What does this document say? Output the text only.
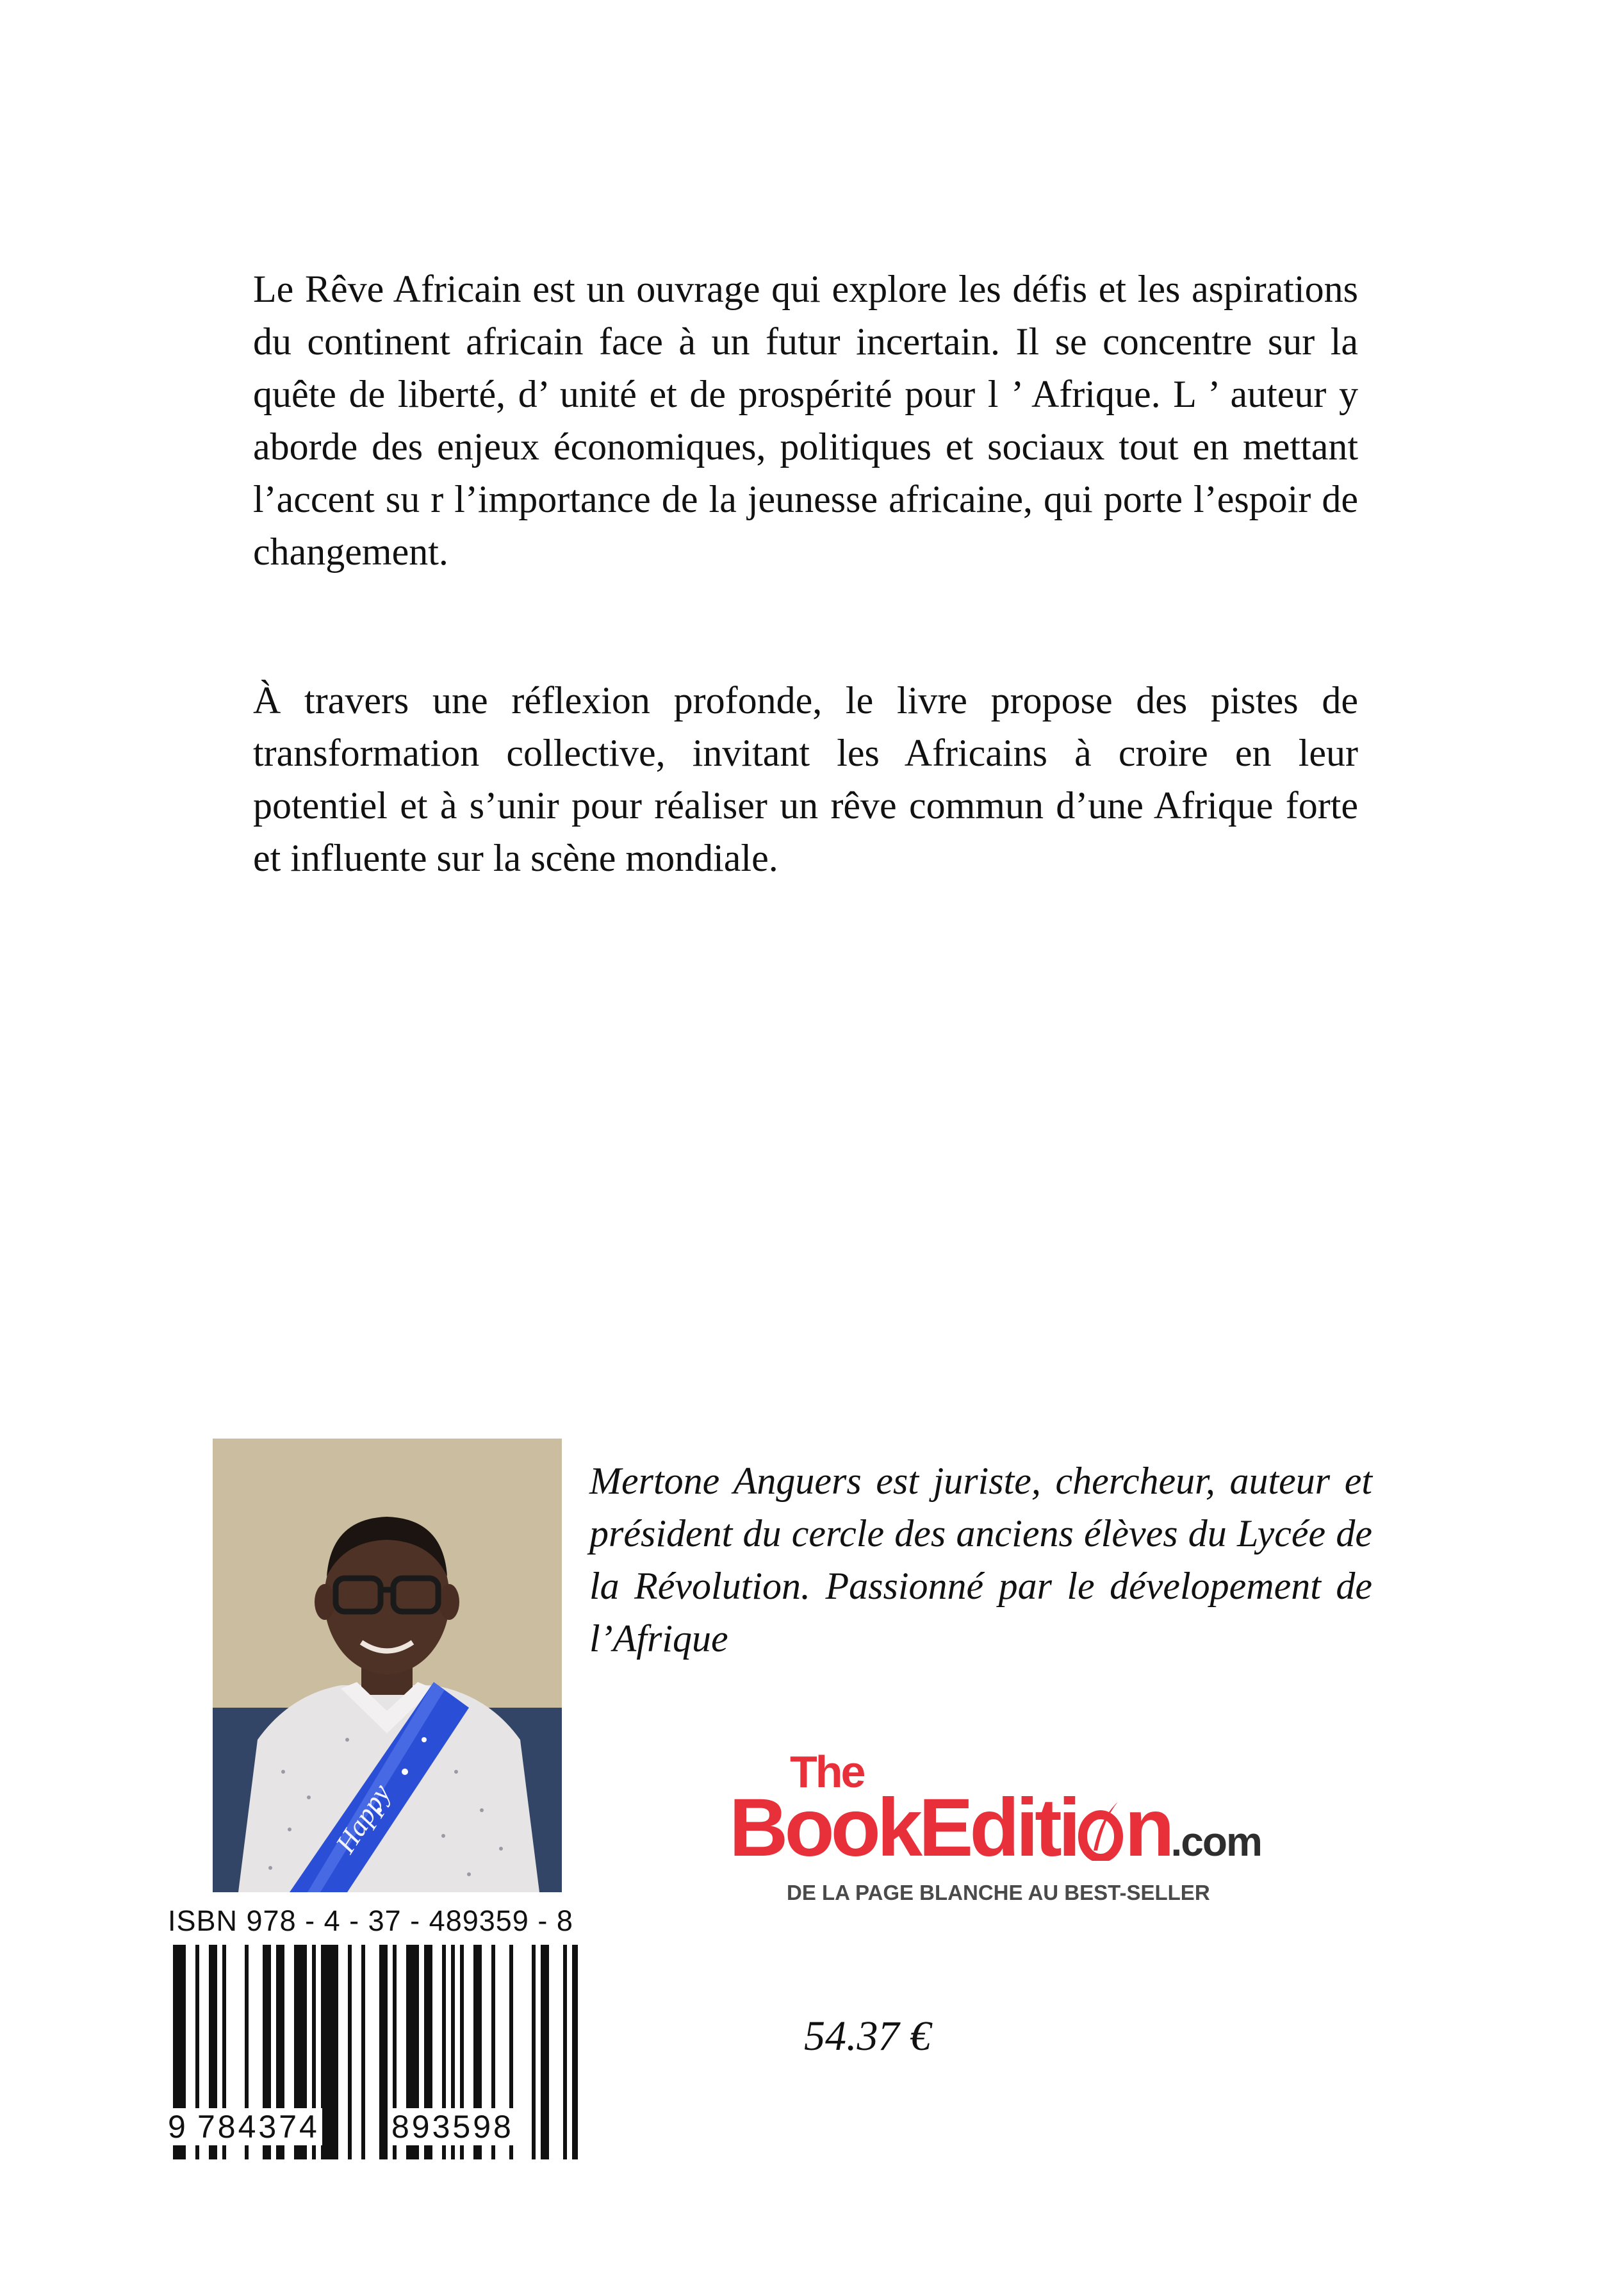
Le Rêve Africain est un ouvrage qui explore les défis et les aspirations du continent africain face à un futur incertain. Il se concentre sur la quête de liberté, d’ unité et de prospérité pour l ’ Afrique. L ’ auteur y aborde des enjeux économiques, politiques et sociaux tout en mettant l’accent su r l’importance de la jeunesse africaine, qui porte l’espoir de changement.

À travers une réflexion profonde, le livre propose des pistes de transformation collective, invitant les Africains à croire en leur potentiel et à s’unir pour réaliser un rêve commun d’une Afrique forte et influente sur la scène mondiale.

Happy

Mertone Anguers est juriste, chercheur, auteur et président du cercle des anciens élèves du Lycée de la Révolution. Passionné par le dévelopement de l’Afrique

The
BookEditi n.com
DE LA PAGE BLANCHE AU BEST-SELLER
ISBN 978 - 4 - 37 - 489359 - 8
9 784374 893598
54.37 €
